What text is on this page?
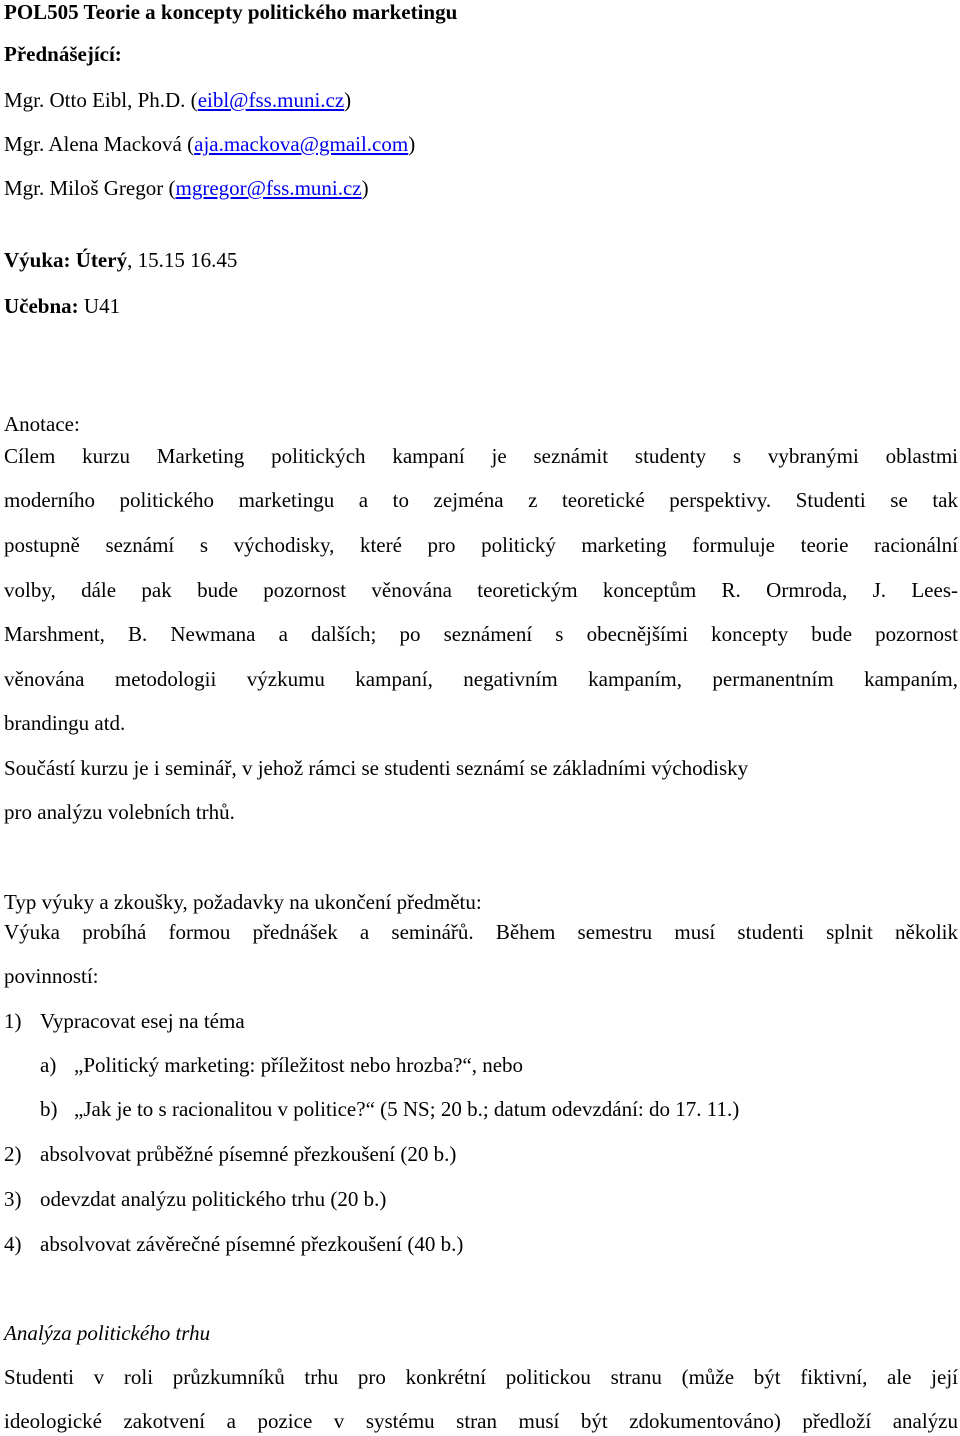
POL505 Teorie a koncepty politického marketingu
Přednášející:
Mgr. Otto Eibl, Ph.D. (eibl@fss.muni.cz)
Mgr. Alena Macková (aja.mackova@gmail.com)
Mgr. Miloš Gregor (mgregor@fss.muni.cz)
Výuka: Úterý, 15.15 16.45
Učebna: U41
Anotace:
Cílem kurzu Marketing politických kampaní je seznámit studenty s vybranými oblastmi
moderního politického marketingu a to zejména z teoretické perspektivy. Studenti se tak
postupně seznámí s východisky, které pro politický marketing formuluje teorie racionální
volby, dále pak bude pozornost věnována teoretickým konceptům R. Ormroda, J. Lees-
Marshment, B. Newmana a dalších; po seznámení s obecnějšími koncepty bude pozornost
věnována metodologii výzkumu kampaní, negativním kampaním, permanentním kampaním,
brandingu atd.
Součástí kurzu je i seminář, v jehož rámci se studenti seznámí se základními východisky
pro analýzu volebních trhů.
Typ výuky a zkoušky, požadavky na ukončení předmětu:
Výuka probíhá formou přednášek a seminářů. Během semestru musí studenti splnit několik
povinností:
1) Vypracovat esej na téma
a) „Politický marketing: příležitost nebo hrozba?“, nebo
b) „Jak je to s racionalitou v politice?“ (5 NS; 20 b.; datum odevzdání: do 17. 11.)
2) absolvovat průběžné písemné přezkoušení (20 b.)
3) odevzdat analýzu politického trhu (20 b.)
4) absolvovat závěrečné písemné přezkoušení (40 b.)
Analýza politického trhu
Studenti v roli průzkumníků trhu pro konkrétní politickou stranu (může být fiktivní, ale její
ideologické zakotvení a pozice v systému stran musí být zdokumentováno) předloží analýzu
